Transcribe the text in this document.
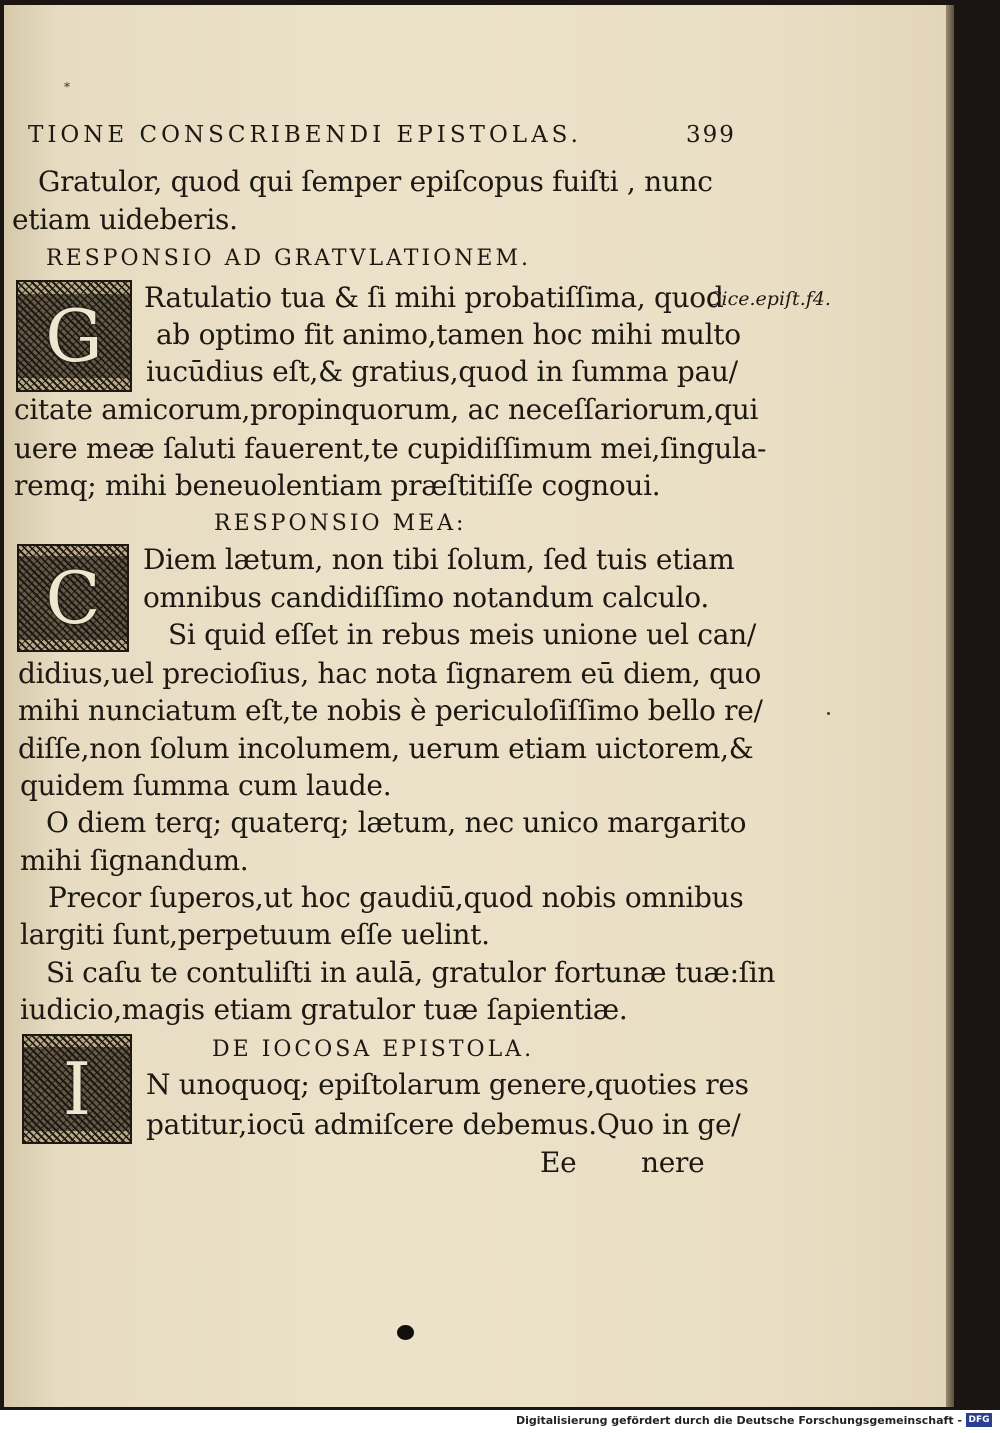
*
TIONE CONSCRIBENDI EPISTOLAS.	399
Gratulor, quod qui ſemper epiſcopus fuiſti , nunc
etiam uideberis.
RESPONSIO AD GRATVLATIONEM.
G	Ratulatio tua & ſi mihi probatiſſima, quod
Cice.epiſt.f4.
ab optimo fit animo,tamen hoc mihi multo
iucūdius eſt,& gratius,quod in ſumma pau/
citate amicorum,propinquorum, ac neceſſariorum,qui
uere meæ ſaluti fauerent,te cupidiſſimum mei,ſingula-
remq; mihi beneuolentiam præſtitiſſe cognoui.
RESPONSIO MEA:
C	Diem lætum, non tibi ſolum, ſed tuis etiam
omnibus candidiſſimo notandum calculo.
Si quid eſſet in rebus meis unione uel can/
didius,uel precioſius, hac nota ſignarem eū diem, quo
mihi nunciatum eſt,te nobis è periculoſiſſimo bello re/
diſſe,non ſolum incolumem, uerum etiam uictorem,&
quidem ſumma cum laude.
O diem terq; quaterq; lætum, nec unico margarito
mihi ſignandum.
Precor ſuperos,ut hoc gaudiū,quod nobis omnibus
largiti ſunt,perpetuum eſſe uelint.
Si caſu te contuliſti in aulā, gratulor fortunæ tuæ:ſin
iudicio,magis etiam gratulor tuæ ſapientiæ.
I	DE IOCOSA EPISTOLA.
N unoquoq; epiſtolarum genere,quoties res
patitur,iocū admiſcere debemus.Quo in ge/
Ee nere
Digitalisierung gefördert durch die Deutsche Forschungsgemeinschaft - DFG
